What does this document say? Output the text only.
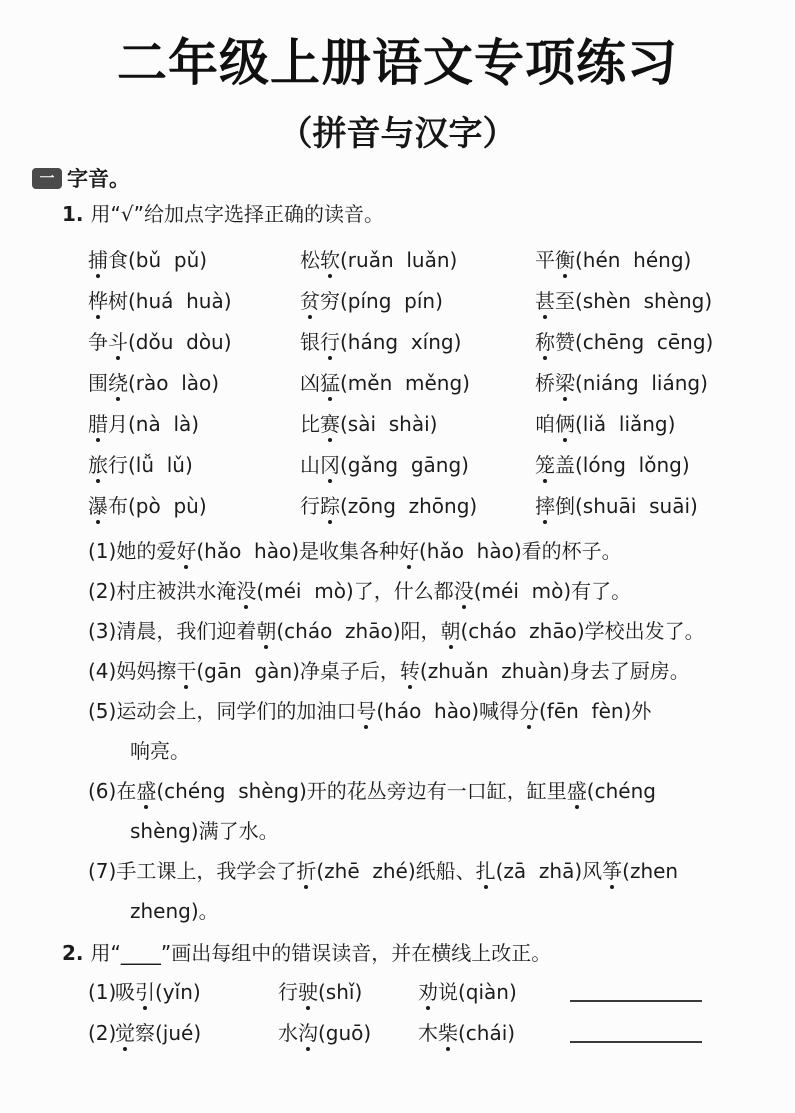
二年级上册语文专项练习
（拼音与汉字）
一 字音。
1. 用“√”给加点字选择正确的读音。
捕食(bǔ  pǔ)	松软(ruǎn  luǎn)	平衡(hén  héng)
桦树(huá  huà)	贫穷(píng  pín)	甚至(shèn  shèng)
争斗(dǒu  dòu)	银行(háng  xíng)	称赞(chēng  cēng)
围绕(rào  lào)	凶猛(měn  měng)	桥梁(niáng  liáng)
腊月(nà  là)	比赛(sài  shài)	咱俩(liǎ  liǎng)
旅行(lǚ  lǔ)	山冈(gǎng  gāng)	笼盖(lóng  lǒng)
瀑布(pò  pù)	行踪(zōng  zhōng)	摔倒(shuāi  suāi)
(1)她的爱好(hǎo  hào)是收集各种好(hǎo  hào)看的杯子。
(2)村庄被洪水淹没(méi  mò)了，什么都没(méi  mò)有了。
(3)清晨，我们迎着朝(cháo  zhāo)阳，朝(cháo  zhāo)学校出发了。
(4)妈妈擦干(gān  gàn)净桌子后，转(zhuǎn  zhuàn)身去了厨房。
(5)运动会上，同学们的加油口号(háo  hào)喊得分(fēn  fèn)外
响亮。
(6)在盛(chéng  shèng)开的花丛旁边有一口缸，缸里盛(chéng
shèng)满了水。
(7)手工课上，我学会了折(zhē  zhé)纸船、扎(zā  zhā)风筝(zhen
zheng)。
2. 用“____”画出每组中的错误读音，并在横线上改正。
(1)
吸引(yǐn)	行驶(shǐ)	劝说(qiàn)
(2)
觉察(jué)	水沟(guō) 木柴(chái)
